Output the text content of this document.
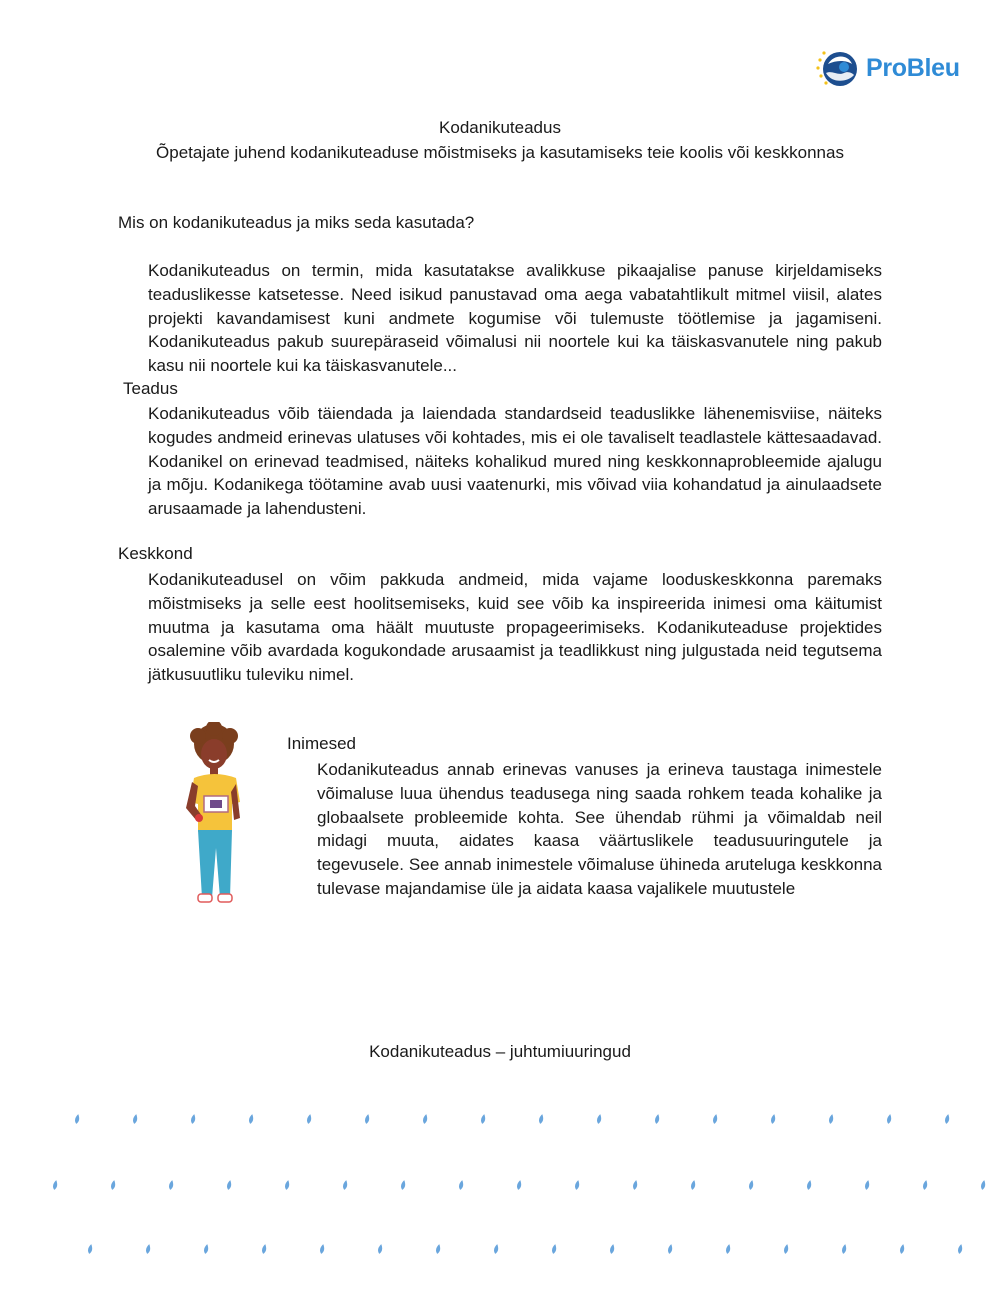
ProBleu
Kodanikuteadus
Õpetajate juhend kodanikuteaduse mõistmiseks ja kasutamiseks teie koolis või keskkonnas
Mis on kodanikuteadus ja miks seda kasutada?
Kodanikuteadus on termin, mida kasutatakse avalikkuse pikaajalise panuse kirjeldamiseks teaduslikesse katsetesse. Need isikud panustavad oma aega vabatahtlikult mitmel viisil, alates projekti kavandamisest kuni andmete kogumise või tulemuste töötlemise ja jagamiseni. Kodanikuteadus pakub suurepäraseid võimalusi nii noortele kui ka täiskasvanutele ning pakub kasu nii noortele kui ka täiskasvanutele...
Teadus
Kodanikuteadus võib täiendada ja laiendada standardseid teaduslikke lähenemisviise, näiteks kogudes andmeid erinevas ulatuses või kohtades, mis ei ole tavaliselt teadlastele kättesaadavad. Kodanikel on erinevad teadmised, näiteks kohalikud mured ning keskkonnaprobleemide ajalugu ja mõju. Kodanikega töötamine avab uusi vaatenurki, mis võivad viia kohandatud ja ainulaadsete arusaamade ja lahendusteni.
Keskkond
Kodanikuteadusel on võim pakkuda andmeid, mida vajame looduskeskkonna paremaks mõistmiseks ja selle eest hoolitsemiseks, kuid see võib ka inspireerida inimesi oma käitumist muutma ja kasutama oma häält muutuste propageerimiseks. Kodanikuteaduse projektides osalemine võib avardada kogukondade arusaamist ja teadlikkust ning julgustada neid tegutsema jätkusuutliku tuleviku nimel.
Inimesed
Kodanikuteadus annab erinevas vanuses ja erineva taustaga inimestele võimaluse luua ühendus teadusega ning saada rohkem teada kohalike ja globaalsete probleemide kohta. See ühendab rühmi ja võimaldab neil midagi muuta, aidates kaasa väärtuslikele teadusuuringutele ja tegevusele. See annab inimestele võimaluse ühineda aruteluga keskkonna tulevase majandamise üle ja aidata kaasa vajalikele muutustele
Kodanikuteadus – juhtumiuuringud
